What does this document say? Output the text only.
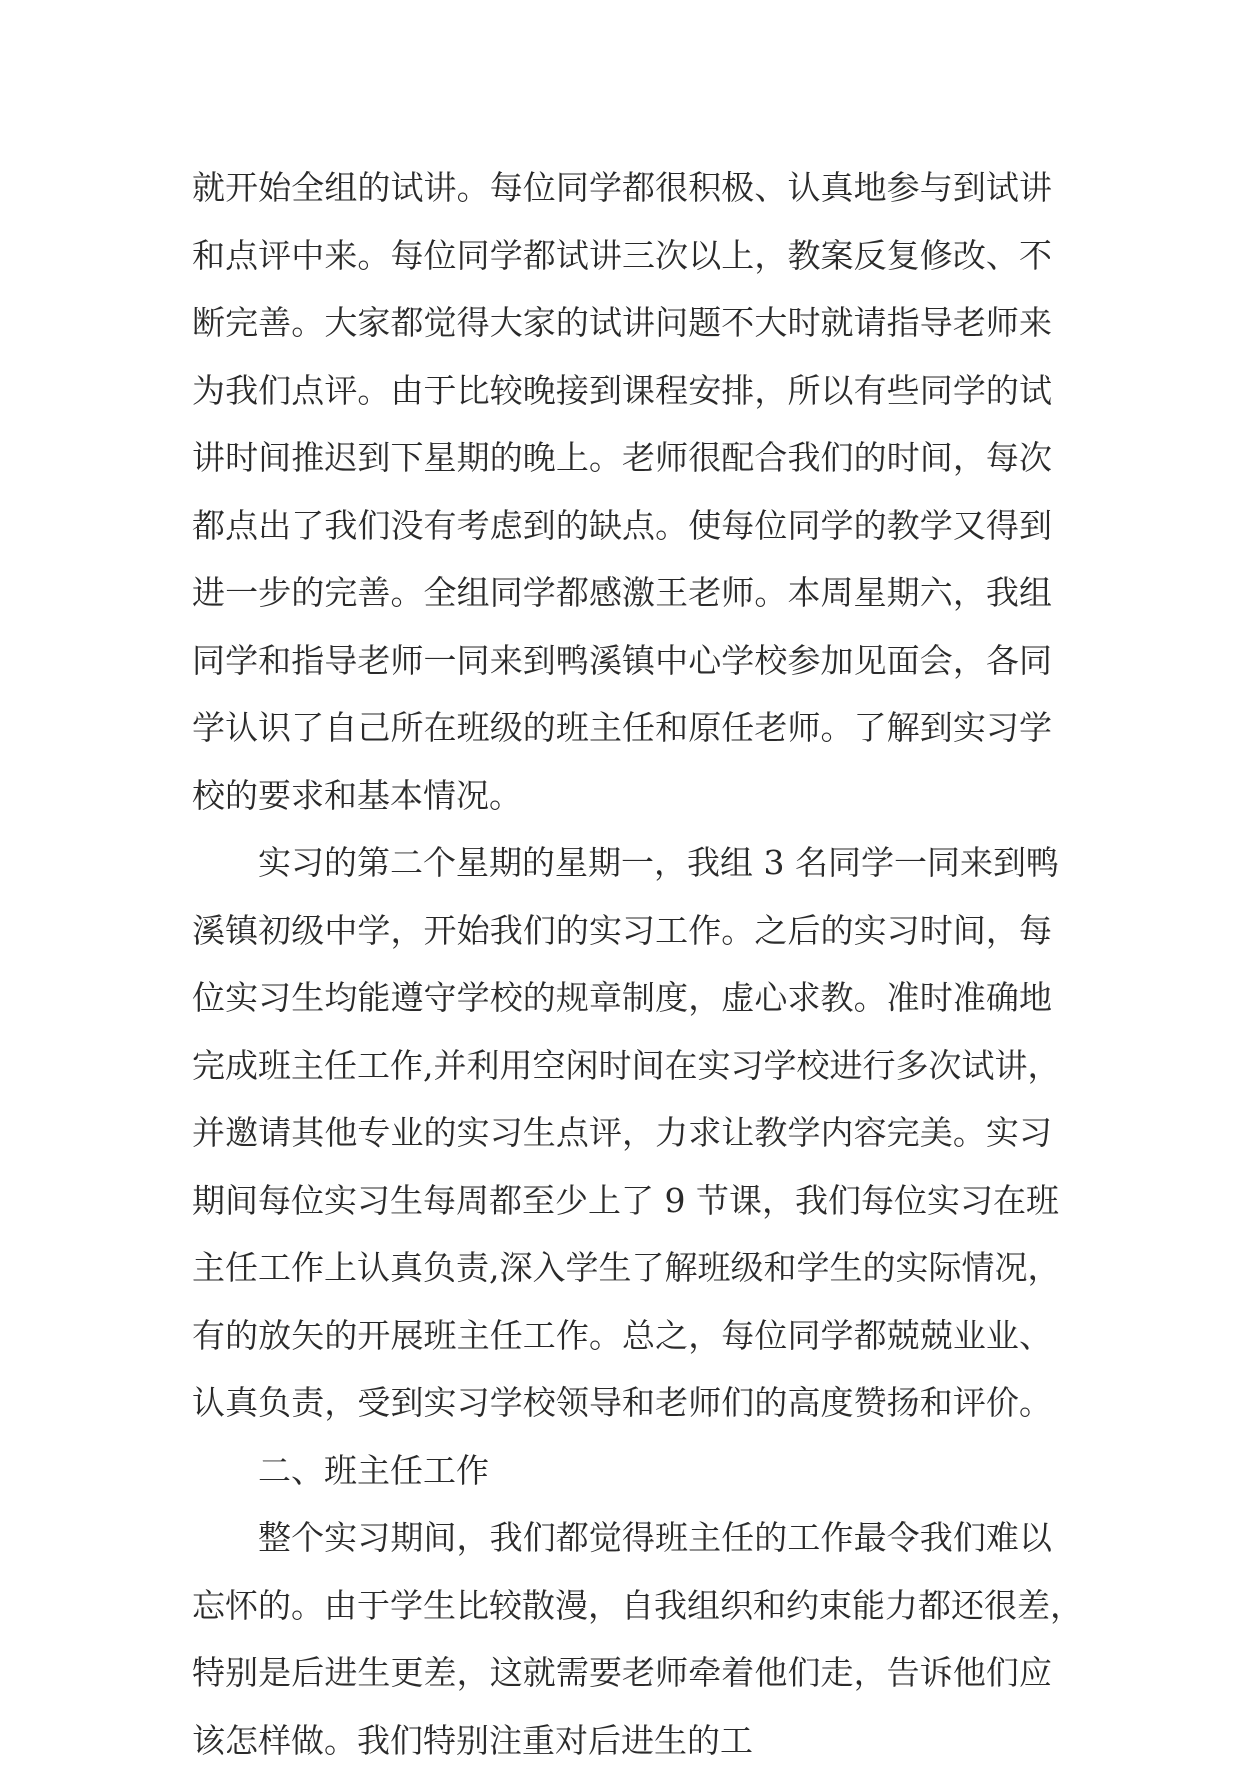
就开始全组的试讲。每位同学都很积极、认真地参与到试讲
和点评中来。每位同学都试讲三次以上，教案反复修改、不
断完善。大家都觉得大家的试讲问题不大时就请指导老师来
为我们点评。由于比较晚接到课程安排，所以有些同学的试
讲时间推迟到下星期的晚上。老师很配合我们的时间，每次
都点出了我们没有考虑到的缺点。使每位同学的教学又得到
进一步的完善。全组同学都感激王老师。本周星期六，我组
同学和指导老师一同来到鸭溪镇中心学校参加见面会，各同
学认识了自己所在班级的班主任和原任老师。了解到实习学
校的要求和基本情况。
实习的第二个星期的星期一，我组 3 名同学一同来到鸭
溪镇初级中学，开始我们的实习工作。之后的实习时间，每
位实习生均能遵守学校的规章制度，虚心求教。准时准确地
完成班主任工作,并利用空闲时间在实习学校进行多次试讲，
并邀请其他专业的实习生点评，力求让教学内容完美。实习
期间每位实习生每周都至少上了 9 节课，我们每位实习在班
主任工作上认真负责,深入学生了解班级和学生的实际情况，
有的放矢的开展班主任工作。总之，每位同学都兢兢业业、
认真负责，受到实习学校领导和老师们的高度赞扬和评价。
二、班主任工作
整个实习期间，我们都觉得班主任的工作最令我们难以
忘怀的。由于学生比较散漫，自我组织和约束能力都还很差，
特别是后进生更差，这就需要老师牵着他们走，告诉他们应
该怎样做。我们特别注重对后进生的工
